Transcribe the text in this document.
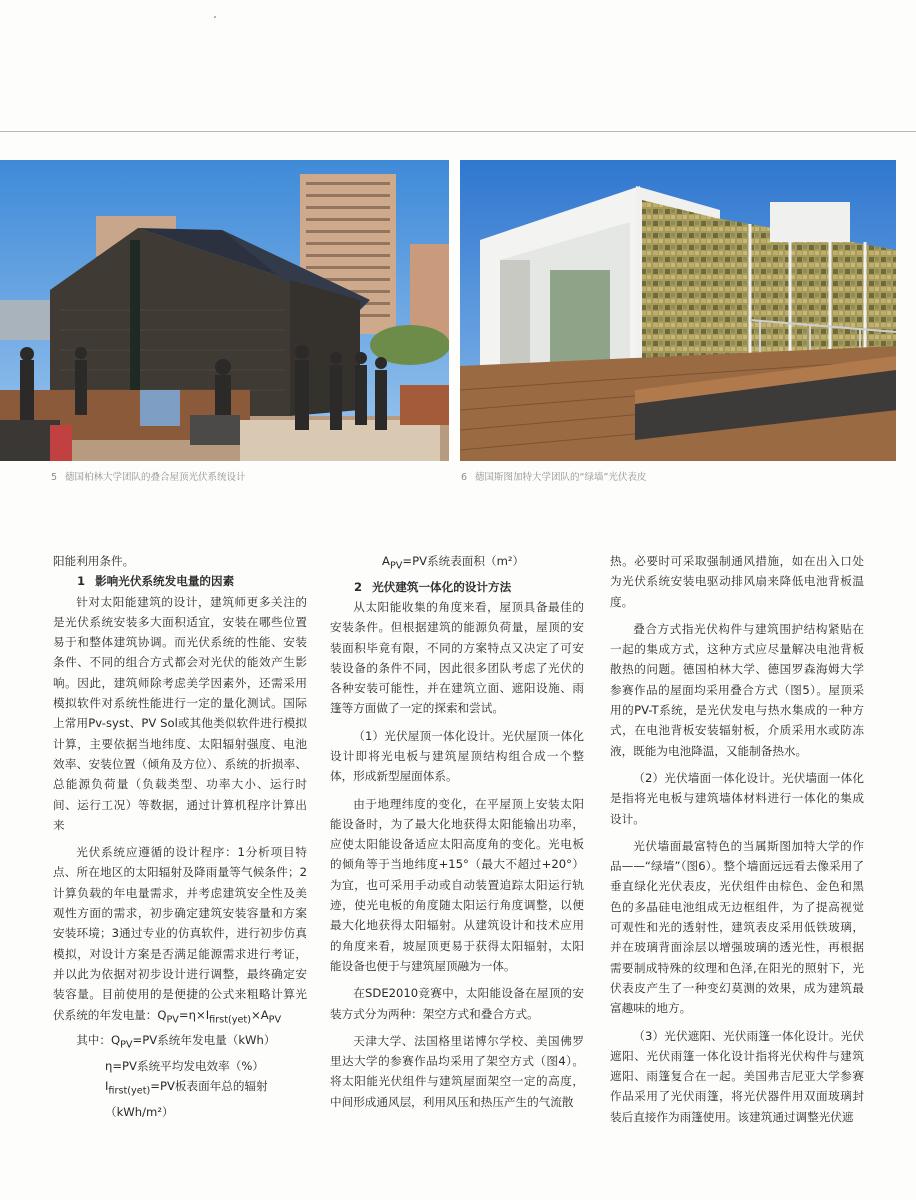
5 德国柏林大学团队的叠合屋顶光伏系统设计	6 德国斯图加特大学团队的“绿墙”光伏表皮

阳能利用条件。

1 影响光伏系统发电量的因素

针对太阳能建筑的设计，建筑师更多关注的是光伏系统安装多大面积适宜，安装在哪些位置易于和整体建筑协调。而光伏系统的性能、安装条件、不同的组合方式都会对光伏的能效产生影响。因此，建筑师除考虑美学因素外，还需采用模拟软件对系统性能进行一定的量化测试。国际上常用Pv-syst、PV Sol或其他类似软件进行模拟计算，主要依据当地纬度、太阳辐射强度、电池效率、安装位置（倾角及方位）、系统的折损率、总能源负荷量（负载类型、功率大小、运行时间、运行工况）等数据，通过计算机程序计算出来

光伏系统应遵循的设计程序：1分析项目特点、所在地区的太阳辐射及降雨量等气候条件；2计算负载的年电量需求，并考虑建筑安全性及美观性方面的需求，初步确定建筑安装容量和方案安装环境；3通过专业的仿真软件，进行初步仿真模拟，对设计方案是否满足能源需求进行考证，并以此为依据对初步设计进行调整，最终确定安装容量。目前使用的是便捷的公式来粗略计算光伏系统的年发电量：$Q_{PV}=\eta\times I_{first(yet)}\times A_{PV}$

其中：$Q_{PV}=PV$系统年发电量（kWh）

η=PV系统平均发电效率（%）

$I_{first(yet)}=PV$板表面年总的辐射（kWh/m²）

$A_{PV}=PV$系统表面积（m²）

2 光伏建筑一体化的设计方法

从太阳能收集的角度来看，屋顶具备最佳的安装条件。但根据建筑的能源负荷量，屋顶的安装面积毕竟有限，不同的方案特点又决定了可安装设备的条件不同，因此很多团队考虑了光伏的各种安装可能性，并在建筑立面、遮阳设施、雨篷等方面做了一定的探索和尝试。

（1）光伏屋顶一体化设计。光伏屋顶一体化设计即将光电板与建筑屋顶结构组合成一个整体，形成新型屋面体系。

由于地理纬度的变化，在平屋顶上安装太阳能设备时，为了最大化地获得太阳能输出功率，应使太阳能设备适应太阳高度角的变化。光电板的倾角等于当地纬度+15°（最大不超过+20°）为宜，也可采用手动或自动装置追踪太阳运行轨迹，使光电板的角度随太阳运行角度调整，以便最大化地获得太阳辐射。从建筑设计和技术应用的角度来看，坡屋顶更易于获得太阳辐射，太阳能设备也便于与建筑屋顶融为一体。

在SDE2010竞赛中，太阳能设备在屋顶的安装方式分为两种：架空方式和叠合方式。

天津大学、法国格里诺博尔学校、美国佛罗里达大学的参赛作品均采用了架空方式（图4）。将太阳能光伏组件与建筑屋面架空一定的高度，中间形成通风层，利用风压和热压产生的气流散

热。必要时可采取强制通风措施，如在出入口处为光伏系统安装电驱动排风扇来降低电池背板温度。

叠合方式指光伏构件与建筑围护结构紧贴在一起的集成方式，这种方式应尽量解决电池背板散热的问题。德国柏林大学、德国罗森海姆大学参赛作品的屋面均采用叠合方式（图5）。屋顶采用的PV-T系统，是光伏发电与热水集成的一种方式，在电池背板安装辐射板，介质采用水或防冻液，既能为电池降温，又能制备热水。

（2）光伏墙面一体化设计。光伏墙面一体化是指将光电板与建筑墙体材料进行一体化的集成设计。

光伏墙面最富特色的当属斯图加特大学的作品——“绿墙”（图6）。整个墙面远远看去像采用了垂直绿化光伏表皮，光伏组件由棕色、金色和黑色的多晶硅电池组成无边框组件，为了提高视觉可观性和光的透射性，建筑表皮采用低铁玻璃，并在玻璃背面涂层以增强玻璃的透光性，再根据需要制成特殊的纹理和色泽,在阳光的照射下，光伏表皮产生了一种变幻莫测的效果，成为建筑最富趣味的地方。

（3）光伏遮阳、光伏雨篷一体化设计。光伏遮阳、光伏雨篷一体化设计指将光伏构件与建筑遮阳、雨篷复合在一起。美国弗吉尼亚大学参赛作品采用了光伏雨篷，将光伏器件用双面玻璃封装后直接作为雨篷使用。该建筑通过调整光伏遮
